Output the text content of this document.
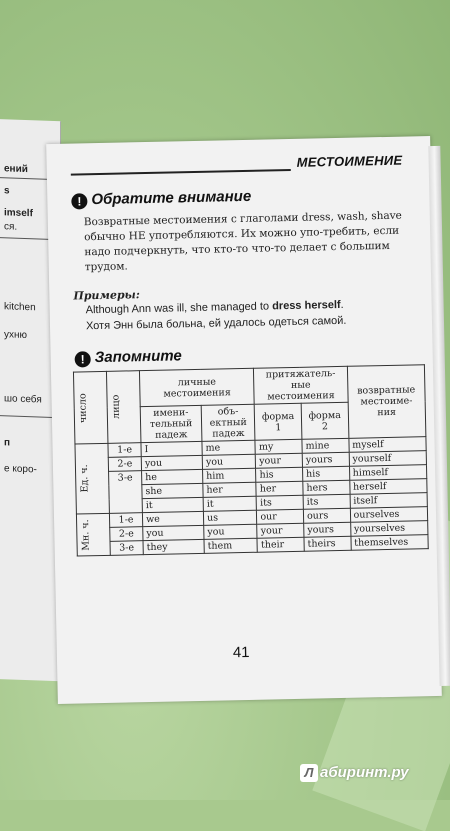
ений
s
imself
ся.
kitchen
ухню
шо себя
п
е коро-
МЕСТОИМЕНИЕ
! Обратите внимание
Возвратные местоимения с глаголами dress, wash, shave обычно НЕ употребляются. Их можно упо-требить, если надо подчеркнуть, что кто-то что-то делает с большим трудом.
Примеры:
Although Ann was ill, she managed to dress herself.
Хотя Энн была больна, ей удалось одеться самой.
! Запомните
число	лицо	личные местоимения		притяжатель-ные местоимения		возвратные местоиме-ния
		имени-тельный падеж	объ-ектный падеж	форма 1	форма 2	

Ед. ч.	1-е	I	me	my	mine	myself
	2-е	you	you	your	yours	yourself
	3-е	he	him	his	his	himself
		she	her	her	hers	herself
		it	it	its	its	itself

Мн. ч.	1-е	we	us	our	ours	ourselves
	2-е	you	you	your	yours	yourselves
	3-е	they	them	their	theirs	themselves
41
Л абиринт.ру
